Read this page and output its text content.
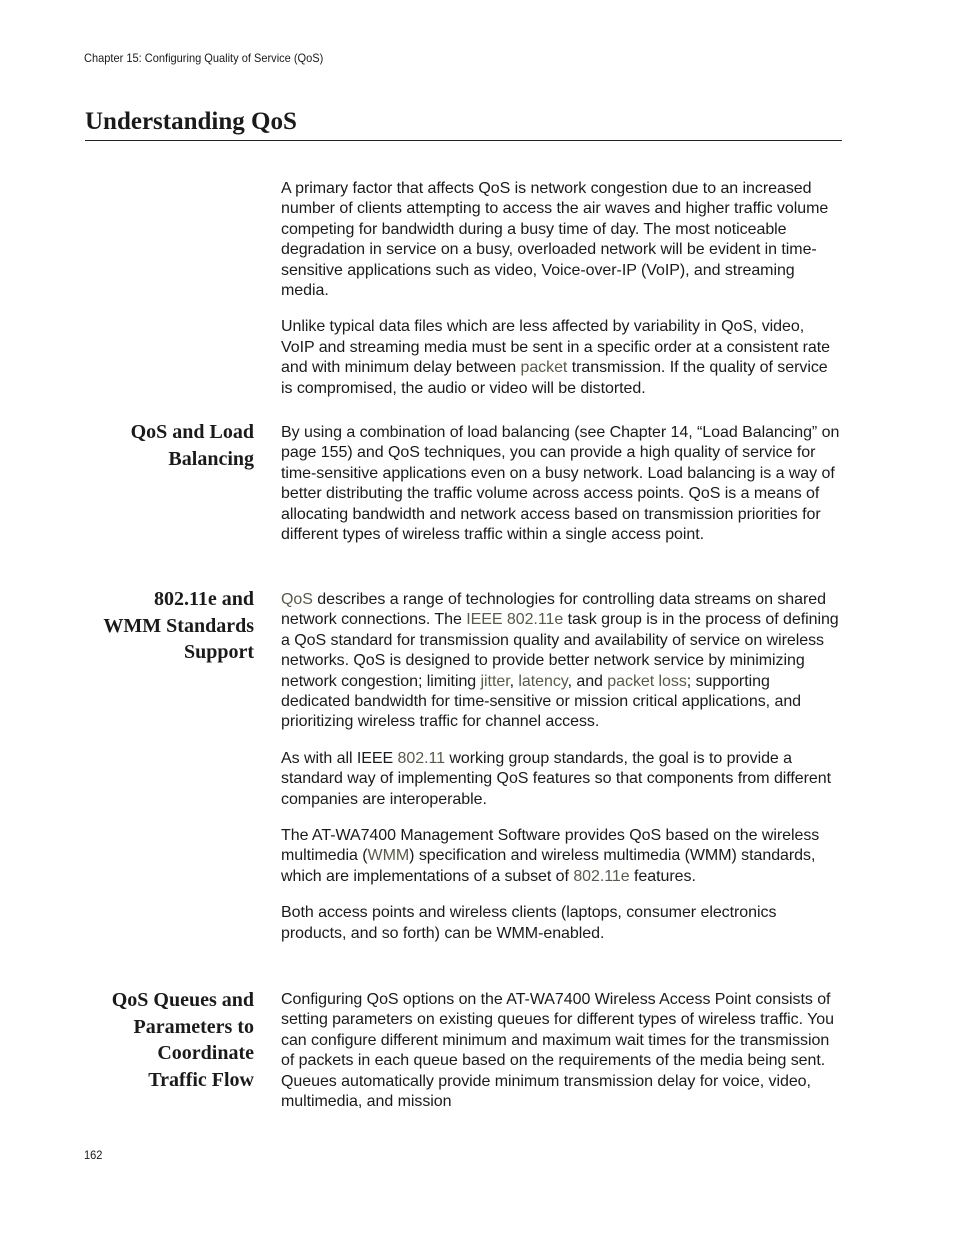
Chapter 15: Configuring Quality of Service (QoS)
Understanding QoS

A primary factor that affects QoS is network congestion due to an increased number of clients attempting to access the air waves and higher traffic volume competing for bandwidth during a busy time of day. The most noticeable degradation in service on a busy, overloaded network will be evident in time-sensitive applications such as video, Voice-over-IP (VoIP), and streaming media.

Unlike typical data files which are less affected by variability in QoS, video, VoIP and streaming media must be sent in a specific order at a consistent rate and with minimum delay between packet transmission. If the quality of service is compromised, the audio or video will be distorted.

QoS and Load
Balancing

By using a combination of load balancing (see Chapter 14, “Load Balancing” on page 155) and QoS techniques, you can provide a high quality of service for time-sensitive applications even on a busy network. Load balancing is a way of better distributing the traffic volume across access points. QoS is a means of allocating bandwidth and network access based on transmission priorities for different types of wireless traffic within a single access point.

802.11e and
WMM Standards
Support

QoS describes a range of technologies for controlling data streams on shared network connections. The IEEE 802.11e task group is in the process of defining a QoS standard for transmission quality and availability of service on wireless networks. QoS is designed to provide better network service by minimizing network congestion; limiting jitter, latency, and packet loss; supporting dedicated bandwidth for time-sensitive or mission critical applications, and prioritizing wireless traffic for channel access.

As with all IEEE 802.11 working group standards, the goal is to provide a standard way of implementing QoS features so that components from different companies are interoperable.

The AT-WA7400 Management Software provides QoS based on the wireless multimedia (WMM) specification and wireless multimedia (WMM) standards, which are implementations of a subset of 802.11e features.

Both access points and wireless clients (laptops, consumer electronics products, and so forth) can be WMM-enabled.

QoS Queues and
Parameters to
Coordinate
Traffic Flow

Configuring QoS options on the AT-WA7400 Wireless Access Point consists of setting parameters on existing queues for different types of wireless traffic. You can configure different minimum and maximum wait times for the transmission of packets in each queue based on the requirements of the media being sent. Queues automatically provide minimum transmission delay for voice, video, multimedia, and mission

162
